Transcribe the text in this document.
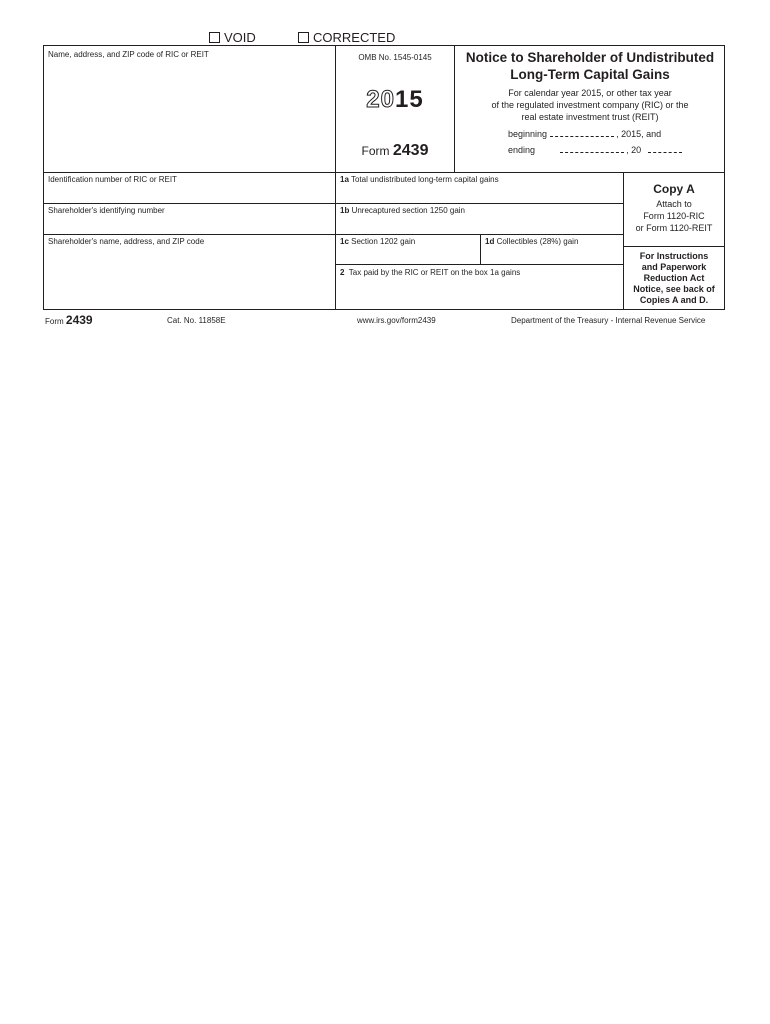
VOID	CORRECTED
Name, address, and ZIP code of RIC or REIT	OMB No. 1545-0145
2015
Form 2439
Notice to Shareholder of Undistributed
Long-Term Capital Gains
For calendar year 2015, or other tax year
of the regulated investment company (RIC) or the
real estate investment trust (REIT)
beginning	, 2015, and
ending	, 20
Identification number of RIC or REIT
Shareholder's identifying number
Shareholder's name, address, and ZIP code
1a Total undistributed long-term capital gains
1b Unrecaptured section 1250 gain
1c Section 1202 gain	1d Collectibles (28%) gain
2 Tax paid by the RIC or REIT on the box 1a gains
Copy A
Attach to
Form 1120-RIC
or Form 1120-REIT
For Instructions
and Paperwork
Reduction Act
Notice, see back of
Copies A and D.
Form 2439	Cat. No. 11858E	www.irs.gov/form2439	Department of the Treasury - Internal Revenue Service
